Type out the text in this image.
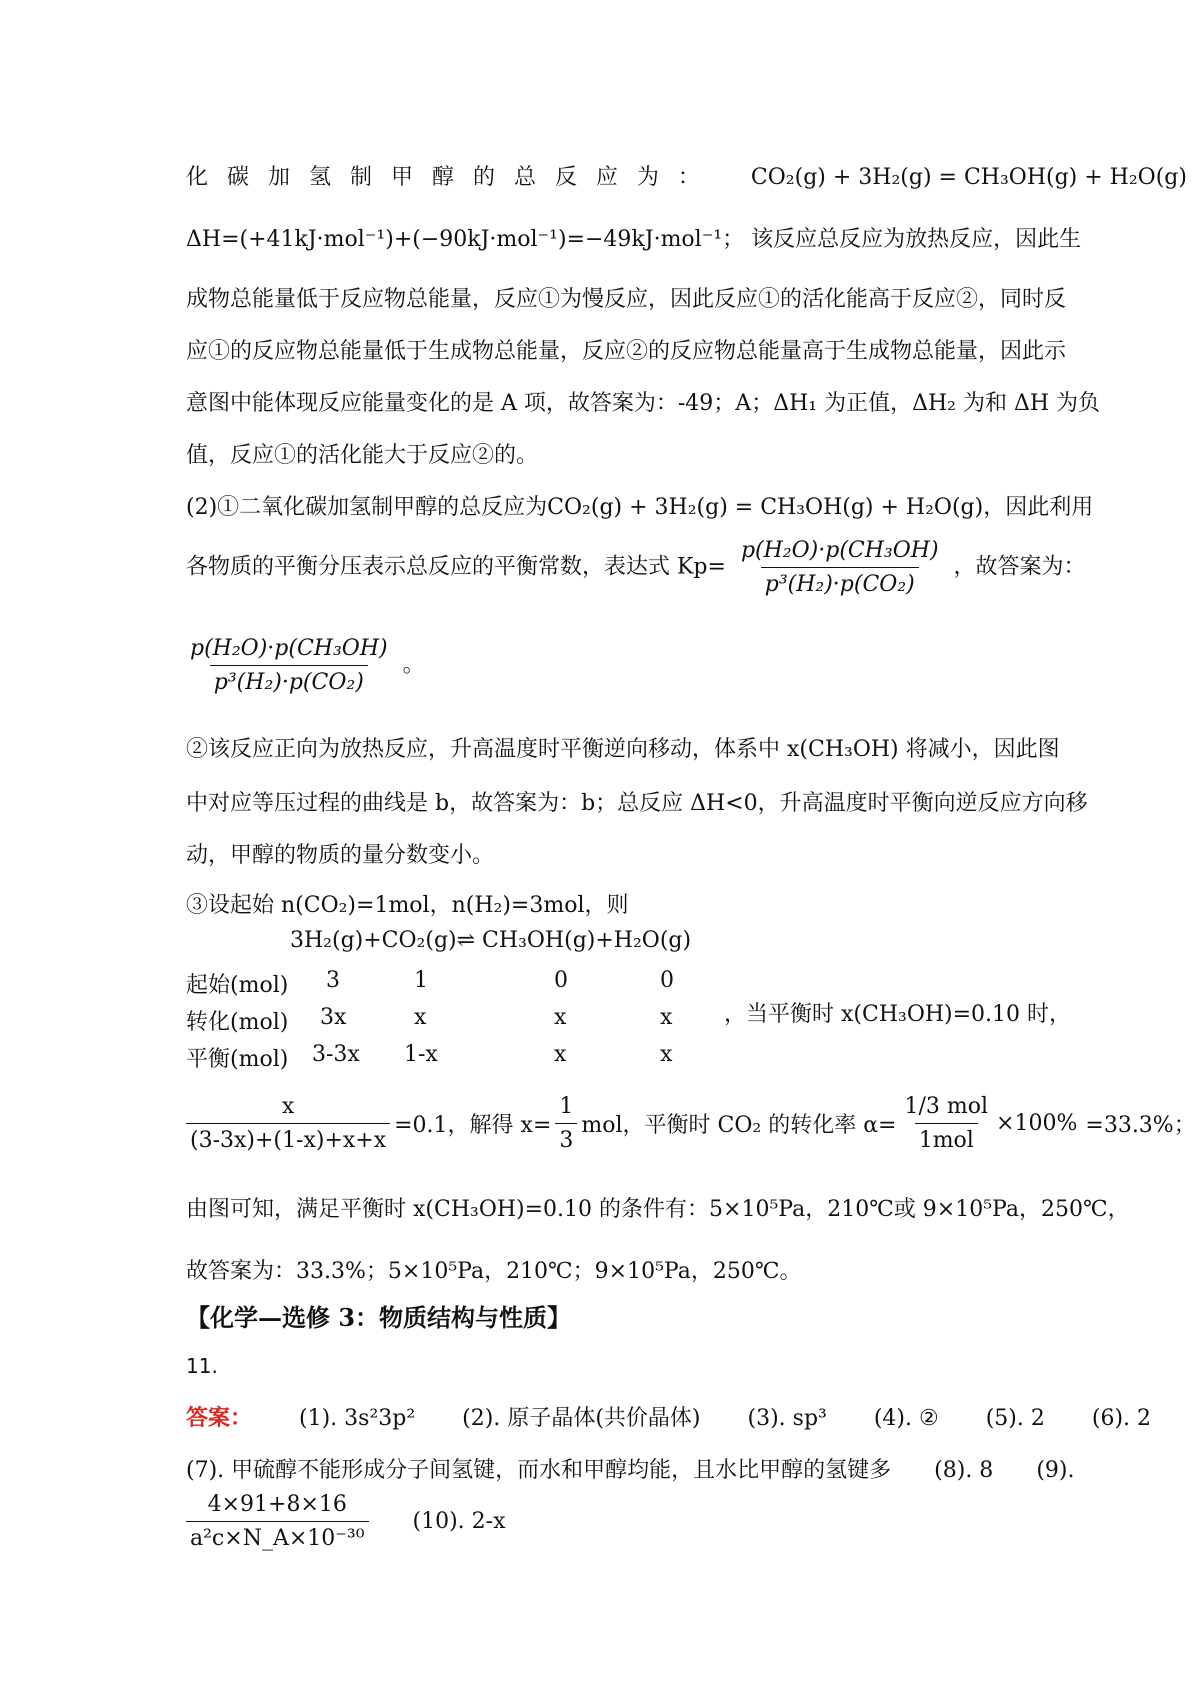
化 碳 加 氢 制 甲 醇 的 总 反 应 为 ： CO₂(g) + 3H₂(g) = CH₃OH(g) + H₂O(g)
ΔH=(+41kJ·mol⁻¹)+(−90kJ·mol⁻¹)=−49kJ·mol⁻¹； 该反应总反应为放热反应，因此生
成物总能量低于反应物总能量，反应①为慢反应，因此反应①的活化能高于反应②，同时反
应①的反应物总能量低于生成物总能量，反应②的反应物总能量高于生成物总能量，因此示
意图中能体现反应能量变化的是 A 项，故答案为：-49；A；ΔH₁ 为正值，ΔH₂ 为和 ΔH 为负
值，反应①的活化能大于反应②的。
(2)①二氧化碳加氢制甲醇的总反应为CO₂(g) + 3H₂(g) = CH₃OH(g) + H₂O(g)，因此利用
各物质的平衡分压表示总反应的平衡常数，表达式 $Kp= \frac{\text{p(H₂O)·p(CH₃OH)}}{\text{p³(H₂)·p(CO₂)}}$ ，故答案为：
$\frac{\text{p(H₂O)·p(CH₃OH)}}{\text{p³(H₂)·p(CO₂)}}$ 。
②该反应正向为放热反应，升高温度时平衡逆向移动，体系中 x(CH₃OH) 将减小，因此图
中对应等压过程的曲线是 b，故答案为：b；总反应 ΔH<0，升高温度时平衡向逆反应方向移
动，甲醇的物质的量分数变小。
③设起始 n(CO₂)=1mol，n(H₂)=3mol，则
3H₂(g)+CO₂(g)⇌ CH₃OH(g)+H₂O(g)
起始(mol) 3	1	0	0
转化(mol) 3x	x	x	x
平衡(mol) 3-3x 1-x	x	x
，当平衡时 x(CH₃OH)=0.10 时，
$\frac{x}{(3-3x)+(1-x)+x+x} =0.1$，解得 $x= \frac{1}{3}$ mol，平衡时 CO₂ 的转化率 $\alpha= \frac{\text{1/3 mol}}{\text{1mol}} \times 100\% =33.3\%$；
由图可知，满足平衡时 x(CH₃OH)=0.10 的条件有：5×10⁵Pa，210℃或 9×10⁵Pa，250℃，
故答案为：33.3%；5×10⁵Pa，210℃；9×10⁵Pa，250℃。
【化学—选修 3：物质结构与性质】
11.
答案： (1). 3s²3p² (2). 原子晶体(共价晶体) (3). sp³ (4). ② (5). 2 (6). 2
(7). 甲硫醇不能形成分子间氢键，而水和甲醇均能，且水比甲醇的氢键多 (8). 8 (9).
$\frac{4\times 91+8\times 16}{\text{a²c×N\_A×10⁻³⁰}} (10)$. 2-x
